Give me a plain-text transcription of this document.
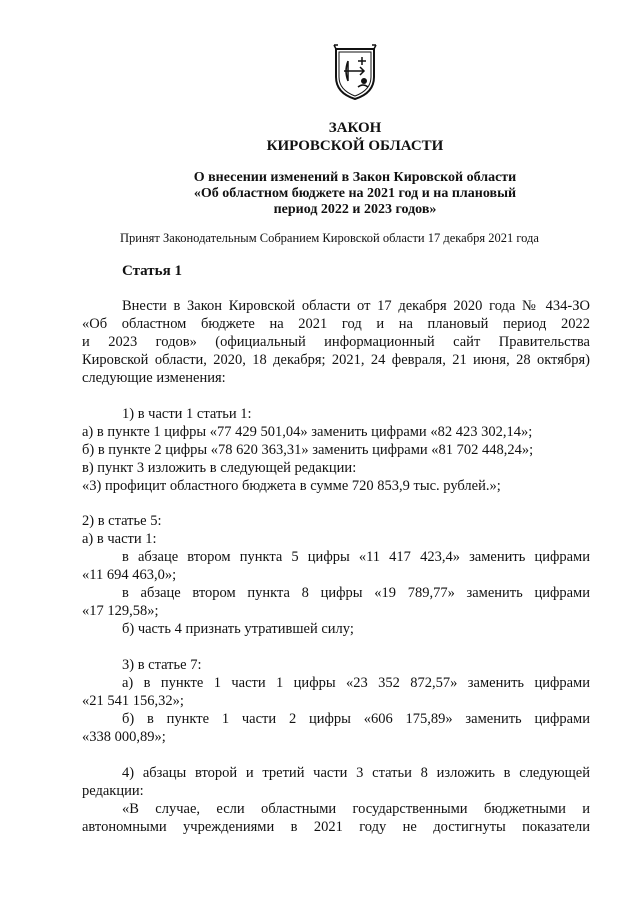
ЗАКОН
КИРОВСКОЙ ОБЛАСТИ
О внесении изменений в Закон Кировской области
«Об областном бюджете на 2021 год и на плановый
период 2022 и 2023 годов»
Принят Законодательным Собранием Кировской области 17 декабря 2021 года
Статья 1
Внести в Закон Кировской области от 17 декабря 2020 года № 434-ЗО
«Об областном бюджете на 2021 год и на плановый период 2022
и 2023 годов» (официальный информационный сайт Правительства
Кировской области, 2020, 18 декабря; 2021, 24 февраля, 21 июня, 28 октября)
следующие изменения:
1) в части 1 статьи 1:
а) в пункте 1 цифры «77 429 501,04» заменить цифрами «82 423 302,14»;
б) в пункте 2 цифры «78 620 363,31» заменить цифрами «81 702 448,24»;
в) пункт 3 изложить в следующей редакции:
«3) профицит областного бюджета в сумме 720 853,9 тыс. рублей.»;
2) в статье 5:
а) в части 1:
в абзаце втором пункта 5 цифры «11 417 423,4» заменить цифрами
«11 694 463,0»;
в абзаце втором пункта 8 цифры «19 789,77» заменить цифрами
«17 129,58»;
б) часть 4 признать утратившей силу;
3) в статье 7:
а) в пункте 1 части 1 цифры «23 352 872,57» заменить цифрами
«21 541 156,32»;
б) в пункте 1 части 2 цифры «606 175,89» заменить цифрами
«338 000,89»;
4) абзацы второй и третий части 3 статьи 8 изложить в следующей
редакции:
«В случае, если областными государственными бюджетными и
автономными учреждениями в 2021 году не достигнуты показатели
